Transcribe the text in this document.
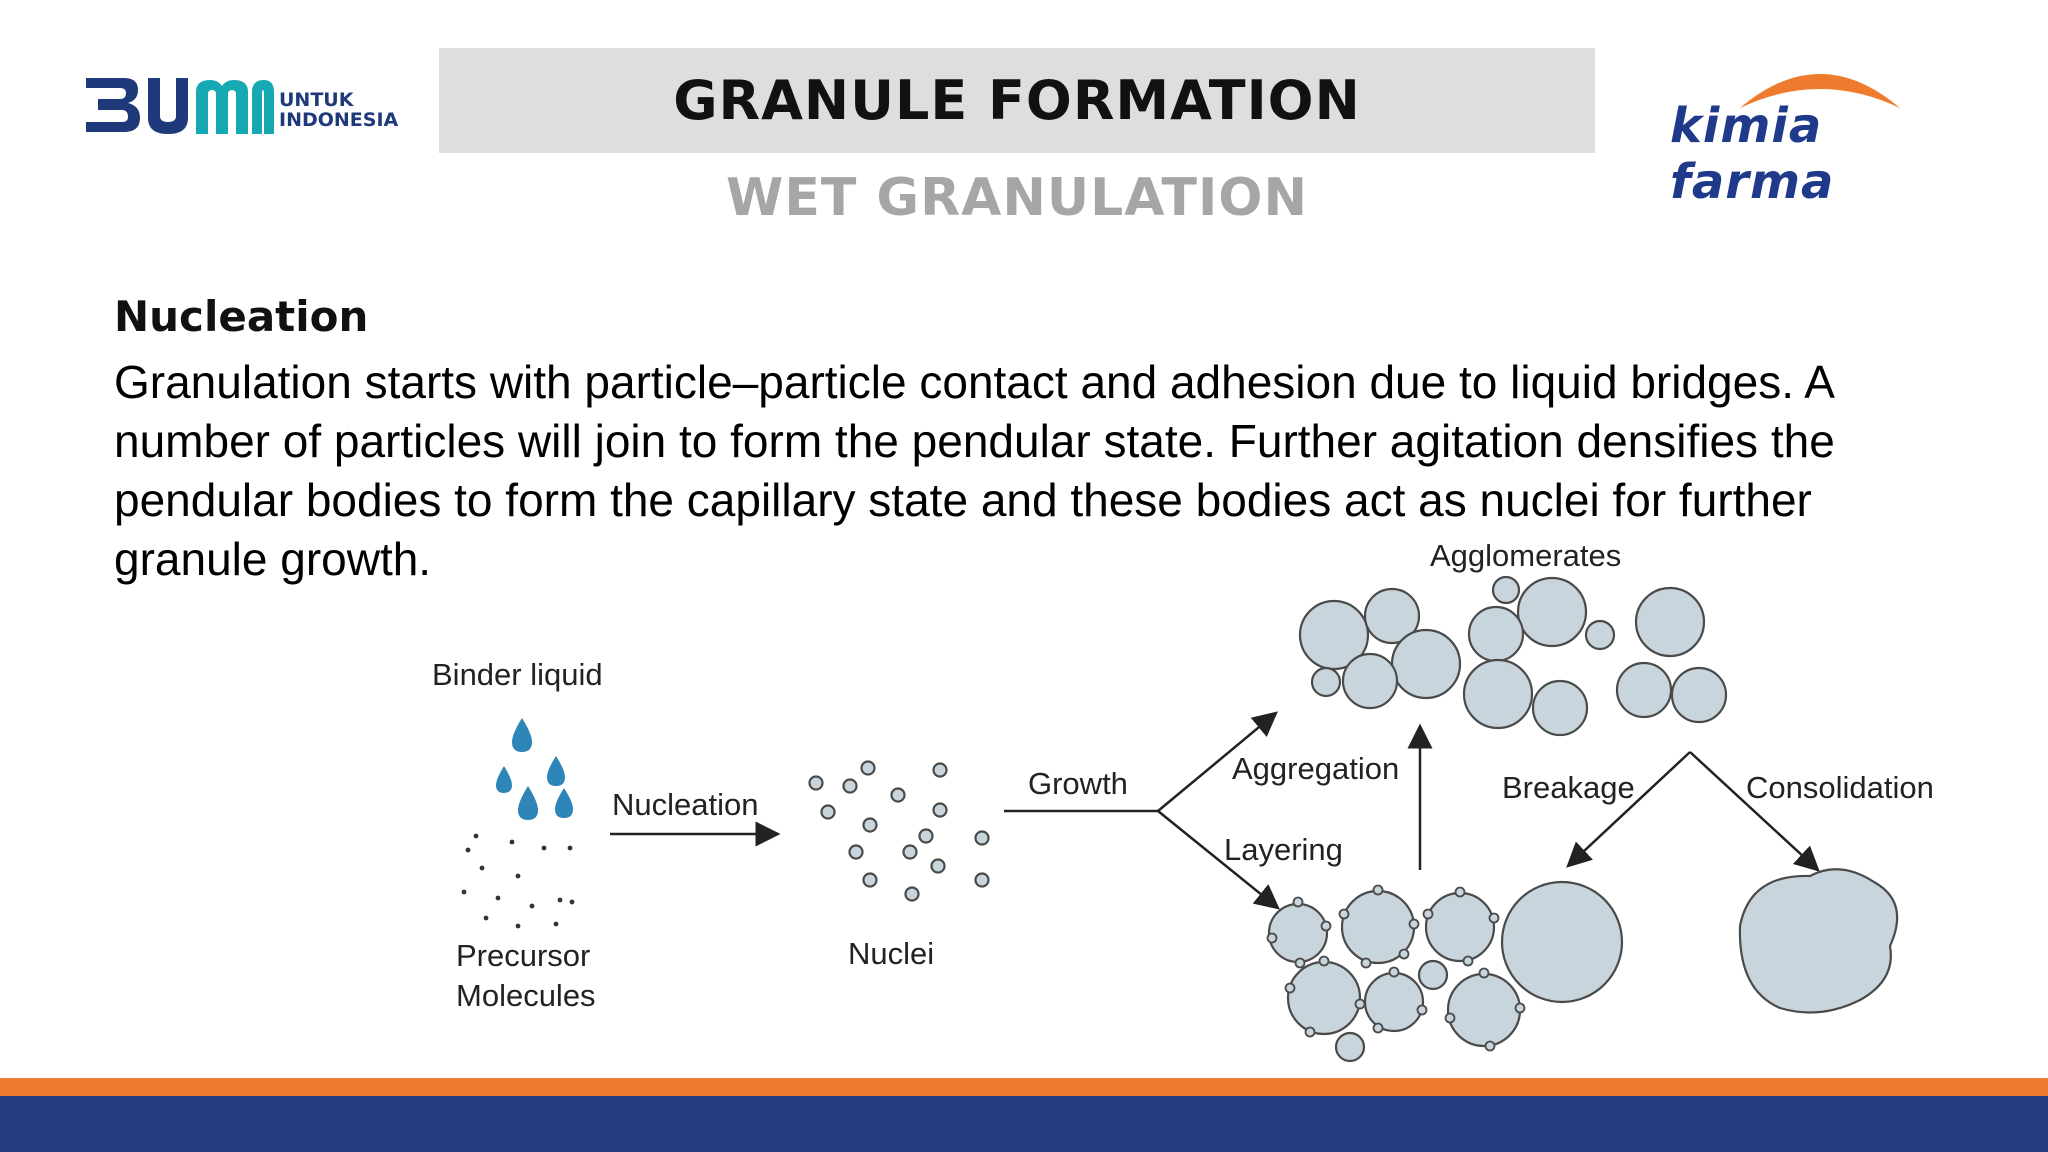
UNTUK
INDONESIA	GRANULE FORMATION
WET GRANULATION
kimia farma
Nucleation

Granulation starts with particle–particle contact and adhesion due to liquid bridges. A number of particles will join to form the pendular state. Further agitation densifies the pendular bodies to form the capillary state and these bodies act as nuclei for further granule growth.

Binder liquid
Precursor
Molecules
Nucleation
Nuclei
Growth	Aggregation
Layering
Agglomerates
Breakage	Consolidation
